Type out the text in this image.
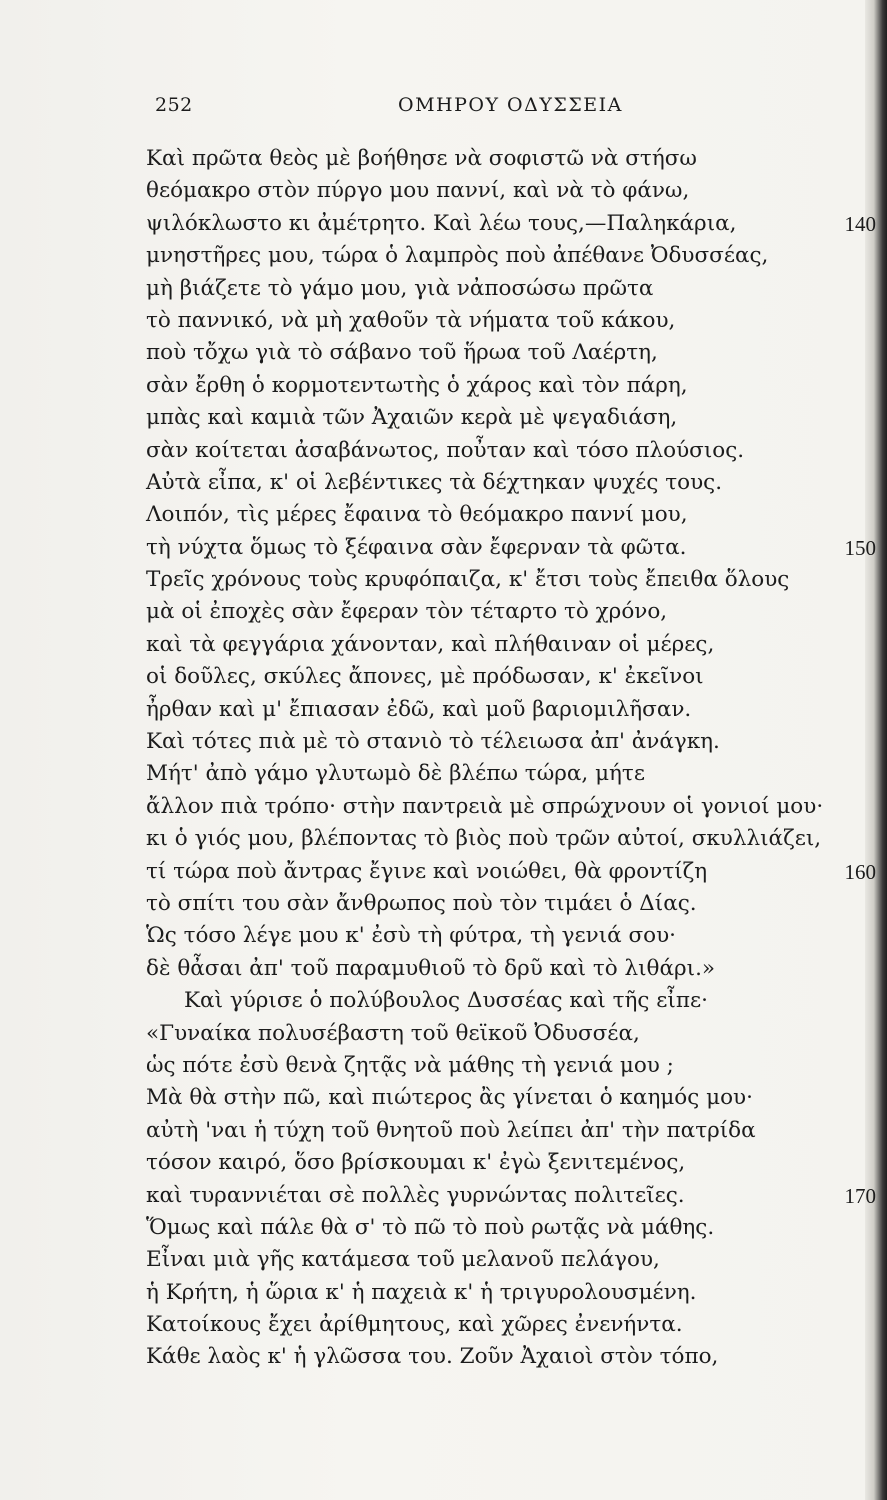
252	ΟΜΗΡΟΥ ΟΔΥΣΣΕΙΑ
Καὶ πρῶτα θεὸς μὲ βοήθησε νὰ σοφιστῶ νὰ στήσω
θεόμακρο στὸν πύργο μου παννί, καὶ νὰ τὸ φάνω,
ψιλόκλωστο κι ἀμέτρητο. Καὶ λέω τους,—Παληκάρια,	140
μνηστῆρες μου, τώρα ὁ λαμπρὸς ποὺ ἀπέθανε Ὀδυσσέας,
μὴ βιάζετε τὸ γάμο μου, γιὰ νἀποσώσω πρῶτα
τὸ παννικό, νὰ μὴ χαθοῦν τὰ νήματα τοῦ κάκου,
ποὺ τὄχω γιὰ τὸ σάβανο τοῦ ἥρωα τοῦ Λαέρτη,
σὰν ἔρθη ὁ κορμοτεντωτὴς ὁ χάρος καὶ τὸν πάρη,
μπὰς καὶ καμιὰ τῶν Ἀχαιῶν κερὰ μὲ ψεγαδιάση,
σὰν κοίτεται ἀσαβάνωτος, ποὖταν καὶ τόσο πλούσιος.
Αὐτὰ εἶπα, κ' οἱ λεβέντικες τὰ δέχτηκαν ψυχές τους.
Λοιπόν, τὶς μέρες ἔφαινα τὸ θεόμακρο παννί μου,
τὴ νύχτα ὅμως τὸ ξέφαινα σὰν ἔφερναν τὰ φῶτα.	150
Τρεῖς χρόνους τοὺς κρυφόπαιζα, κ' ἔτσι τοὺς ἔπειθα ὅλους
μὰ οἱ ἐποχὲς σὰν ἔφεραν τὸν τέταρτο τὸ χρόνο,
καὶ τὰ φεγγάρια χάνονταν, καὶ πλήθαιναν οἱ μέρες,
οἱ δοῦλες, σκύλες ἄπονες, μὲ πρόδωσαν, κ' ἐκεῖνοι
ἦρθαν καὶ μ' ἔπιασαν ἐδῶ, καὶ μοῦ βαριομιλῆσαν.
Καὶ τότες πιὰ μὲ τὸ στανιὸ τὸ τέλειωσα ἀπ' ἀνάγκη.
Μήτ' ἀπὸ γάμο γλυτωμὸ δὲ βλέπω τώρα, μήτε
ἄλλον πιὰ τρόπο· στὴν παντρειὰ μὲ σπρώχνουν οἱ γονιοί μου·
κι ὁ γιός μου, βλέποντας τὸ βιὸς ποὺ τρῶν αὐτοί, σκυλλιάζει,
τί τώρα ποὺ ἄντρας ἔγινε καὶ νοιώθει, θὰ φροντίζη	160
τὸ σπίτι του σὰν ἄνθρωπος ποὺ τὸν τιμάει ὁ Δίας.
Ὡς τόσο λέγε μου κ' ἐσὺ τὴ φύτρα, τὴ γενιά σου·
δὲ θἆσαι ἀπ' τοῦ παραμυθιοῦ τὸ δρῦ καὶ τὸ λιθάρι.»
Καὶ γύρισε ὁ πολύβουλος Δυσσέας καὶ τῆς εἶπε·
«Γυναίκα πολυσέβαστη τοῦ θεϊκοῦ Ὀδυσσέα,
ὡς πότε ἐσὺ θενὰ ζητᾷς νὰ μάθης τὴ γενιά μου ;
Μὰ θὰ στὴν πῶ, καὶ πιώτερος ἂς γίνεται ὁ καημός μου·
αὐτὴ 'ναι ἡ τύχη τοῦ θνητοῦ ποὺ λείπει ἀπ' τὴν πατρίδα
τόσον καιρό, ὅσο βρίσκουμαι κ' ἐγὼ ξενιτεμένος,
καὶ τυραννιέται σὲ πολλὲς γυρνώντας πολιτεῖες.	170
Ὅμως καὶ πάλε θὰ σ' τὸ πῶ τὸ ποὺ ρωτᾷς νὰ μάθης.
Εἶναι μιὰ γῆς κατάμεσα τοῦ μελανοῦ πελάγου,
ἡ Κρήτη, ἡ ὥρια κ' ἡ παχειὰ κ' ἡ τριγυρολουσμένη.
Κατοίκους ἔχει ἀρίθμητους, καὶ χῶρες ἐνενήντα.
Κάθε λαὸς κ' ἡ γλῶσσα του. Ζοῦν Ἀχαιοὶ στὸν τόπο,
